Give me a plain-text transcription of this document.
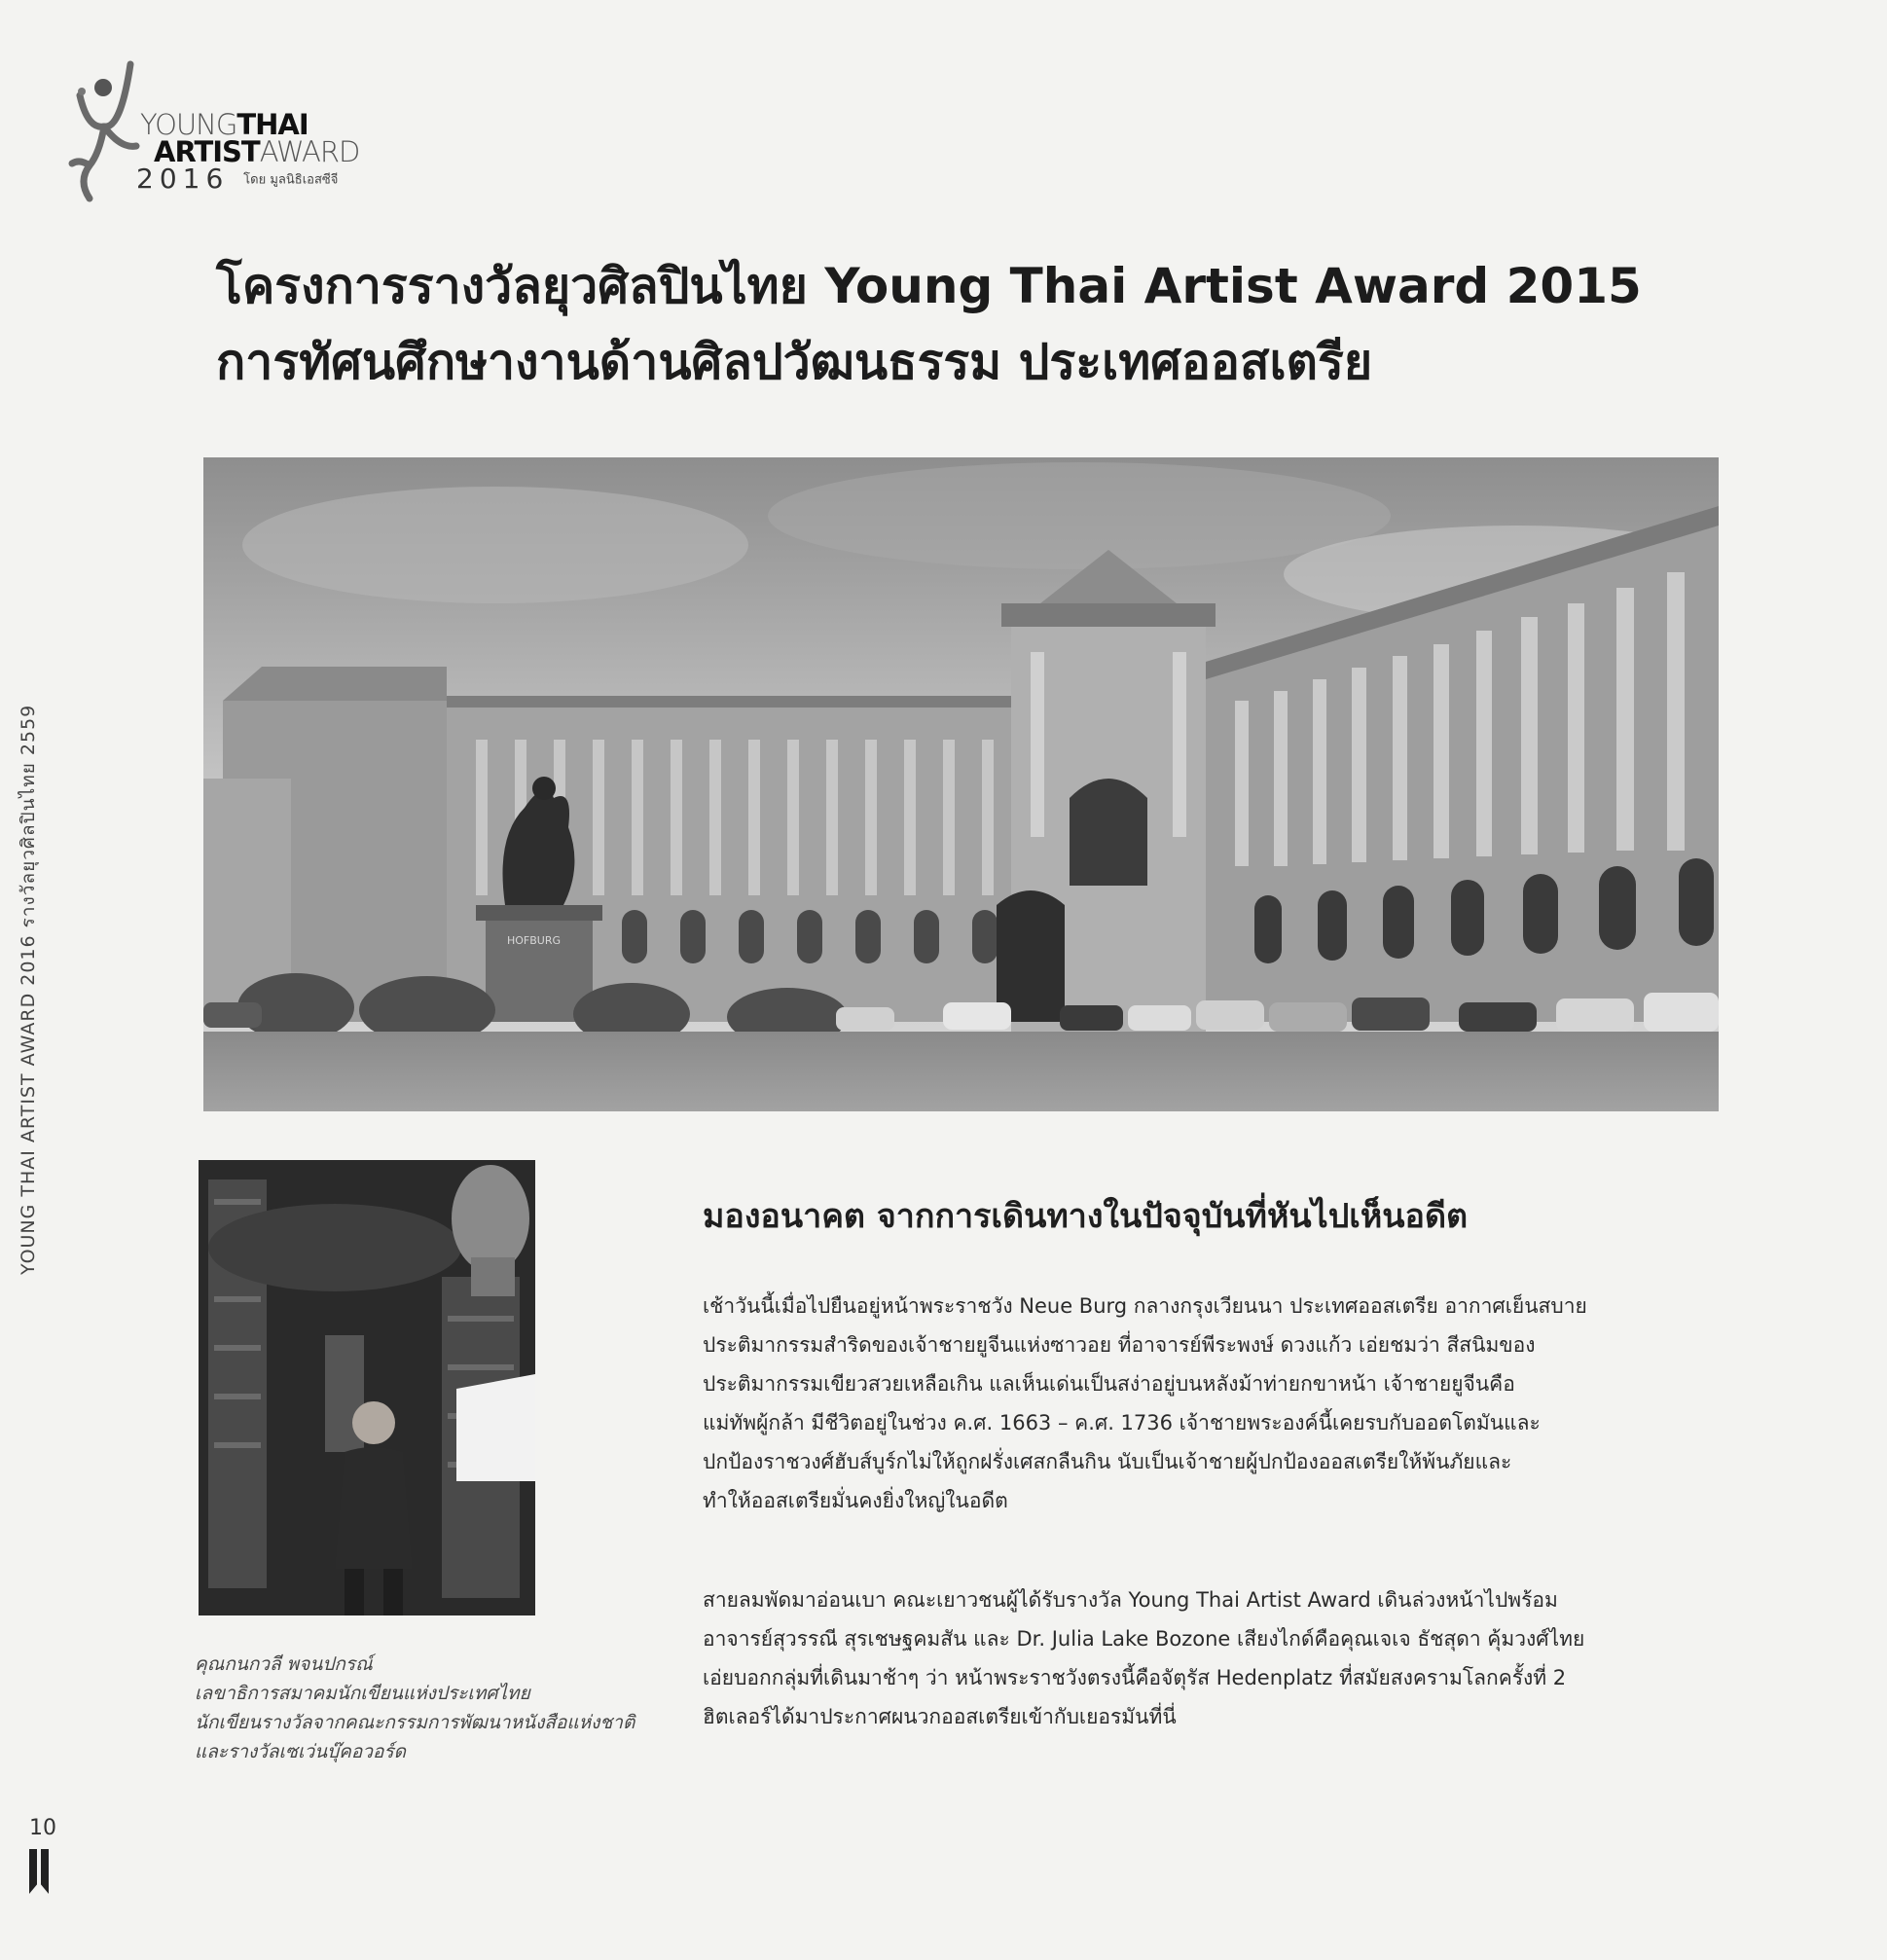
YOUNGTHAI
ARTISTAWARD
2016 โดย มูลนิธิเอสซีจี
YOUNG THAI ARTIST AWARD 2016 รางวัลยุวศิลปินไทย 2559
โครงการรางวัลยุวศิลปินไทย Young Thai Artist Award 2015
การทัศนศึกษางานด้านศิลปวัฒนธรรม ประเทศออสเตรีย
HOFBURG
คุณกนกวลี พจนปกรณ์
เลขาธิการสมาคมนักเขียนแห่งประเทศไทย
นักเขียนรางวัลจากคณะกรรมการพัฒนาหนังสือแห่งชาติ
และรางวัลเซเว่นบุ๊คอวอร์ด
มองอนาคต จากการเดินทางในปัจจุบันที่หันไปเห็นอดีต
เช้าวันนี้เมื่อไปยืนอยู่หน้าพระราชวัง Neue Burg กลางกรุงเวียนนา ประเทศออสเตรีย อากาศเย็นสบาย
ประติมากรรมสำริดของเจ้าชายยูจีนแห่งซาวอย ที่อาจารย์พีระพงษ์ ดวงแก้ว เอ่ยชมว่า สีสนิมของ
ประติมากรรมเขียวสวยเหลือเกิน แลเห็นเด่นเป็นสง่าอยู่บนหลังม้าท่ายกขาหน้า เจ้าชายยูจีนคือ
แม่ทัพผู้กล้า มีชีวิตอยู่ในช่วง ค.ศ. 1663 – ค.ศ. 1736 เจ้าชายพระองค์นี้เคยรบกับออตโตมันและ
ปกป้องราชวงศ์ฮับส์บูร์กไม่ให้ถูกฝรั่งเศสกลืนกิน นับเป็นเจ้าชายผู้ปกป้องออสเตรียให้พ้นภัยและ
ทำให้ออสเตรียมั่นคงยิ่งใหญ่ในอดีต
สายลมพัดมาอ่อนเบา คณะเยาวชนผู้ได้รับรางวัล Young Thai Artist Award เดินล่วงหน้าไปพร้อม
อาจารย์สุวรรณี สุรเชษฐคมสัน และ Dr. Julia Lake Bozone เสียงไกด์คือคุณเจเจ ธัชสุดา คุ้มวงศ์ไทย
เอ่ยบอกกลุ่มที่เดินมาช้าๆ ว่า หน้าพระราชวังตรงนี้คือจัตุรัส Hedenplatz ที่สมัยสงครามโลกครั้งที่ 2
ฮิตเลอร์ได้มาประกาศผนวกออสเตรียเข้ากับเยอรมันที่นี่
10
